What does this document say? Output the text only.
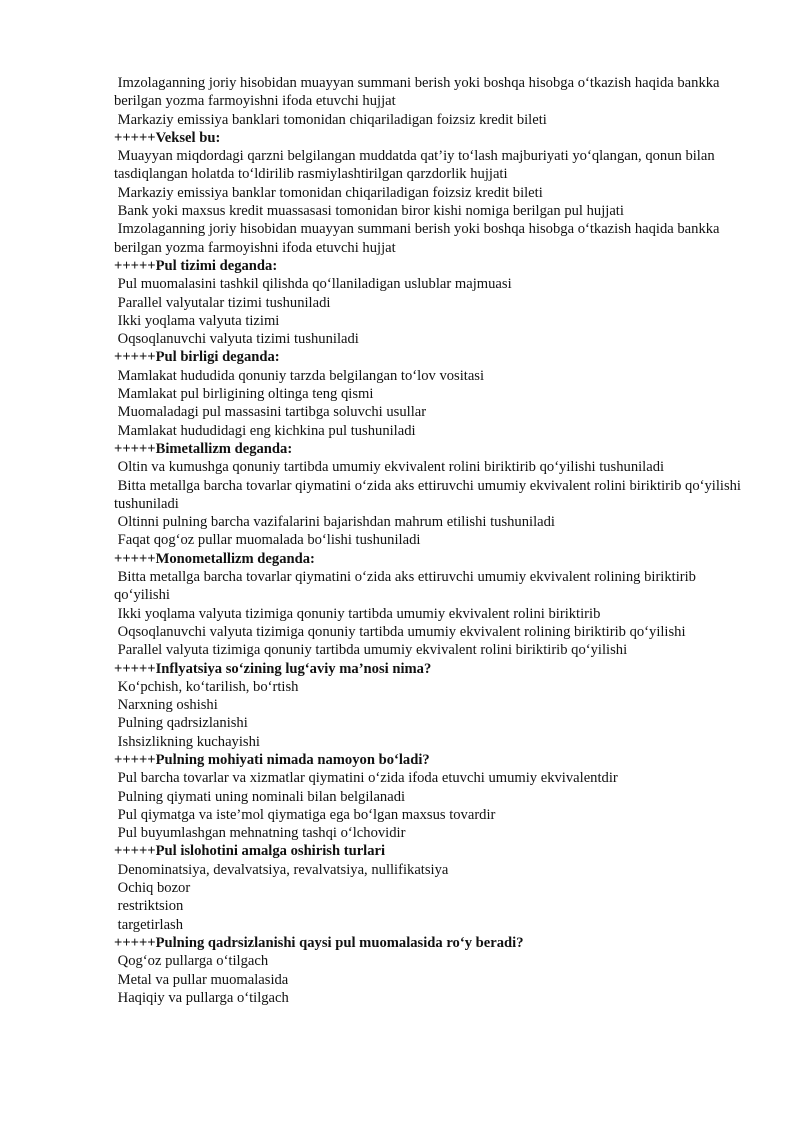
Imzolaganning joriy hisobidan muayyan summani berish yoki boshqa hisobga o‘tkazish haqida bankka berilgan yozma farmoyishni ifoda etuvchi hujjat

Markaziy emissiya banklari tomonidan chiqariladigan foizsiz kredit bileti

+++++Veksel bu:

Muayyan miqdordagi qarzni belgilangan muddatda qat’iy to‘lash majburiyati yo‘qlangan, qonun bilan tasdiqlangan holatda to‘ldirilib rasmiylashtirilgan qarzdorlik hujjati

Markaziy emissiya banklar tomonidan chiqariladigan foizsiz kredit bileti

Bank yoki maxsus kredit muassasasi tomonidan biror kishi nomiga berilgan pul hujjati

Imzolaganning joriy hisobidan muayyan summani berish yoki boshqa hisobga o‘tkazish haqida bankka berilgan yozma farmoyishni ifoda etuvchi hujjat

+++++Pul tizimi deganda:

Pul muomalasini tashkil qilishda qo‘llaniladigan uslublar majmuasi

Parallel valyutalar tizimi tushuniladi

Ikki yoqlama valyuta tizimi

Oqsoqlanuvchi valyuta tizimi tushuniladi

+++++Pul birligi deganda:

Mamlakat hududida qonuniy tarzda belgilangan to‘lov vositasi

Mamlakat pul birligining oltinga teng qismi

Muomaladagi pul massasini tartibga soluvchi usullar

Mamlakat hududidagi eng kichkina pul tushuniladi

+++++Bimetallizm deganda:

Oltin va kumushga qonuniy tartibda umumiy ekvivalent rolini biriktirib qo‘yilishi tushuniladi

Bitta metallga barcha tovarlar qiymatini o‘zida aks ettiruvchi umumiy ekvivalent rolini biriktirib qo‘yilishi tushuniladi

Oltinni pulning barcha vazifalarini bajarishdan mahrum etilishi tushuniladi

Faqat qog‘oz pullar muomalada bo‘lishi tushuniladi

+++++Monometallizm deganda:

Bitta metallga barcha tovarlar qiymatini o‘zida aks ettiruvchi umumiy ekvivalent rolining biriktirib qo‘yilishi

Ikki yoqlama valyuta tizimiga qonuniy tartibda umumiy ekvivalent rolini biriktirib

Oqsoqlanuvchi valyuta tizimiga qonuniy tartibda umumiy ekvivalent rolining biriktirib qo‘yilishi

Parallel valyuta tizimiga qonuniy tartibda umumiy ekvivalent rolini biriktirib qo‘yilishi

+++++Inflyatsiya so‘zining lug‘aviy ma’nosi nima?

Ko‘pchish, ko‘tarilish, bo‘rtish

Narxning oshishi

Pulning qadrsizlanishi

Ishsizlikning kuchayishi

+++++Pulning mohiyati nimada namoyon bo‘ladi?

Pul barcha tovarlar va xizmatlar qiymatini o‘zida ifoda etuvchi umumiy ekvivalentdir

Pulning qiymati uning nominali bilan belgilanadi

Pul qiymatga va iste’mol qiymatiga ega bo‘lgan maxsus tovardir

Pul buyumlashgan mehnatning tashqi o‘lchovidir

+++++Pul islohotini amalga oshirish turlari

Denominatsiya, devalvatsiya, revalvatsiya, nullifikatsiya

Ochiq bozor

restriktsion

targetirlash

+++++Pulning qadrsizlanishi qaysi pul muomalasida ro‘y beradi?

Qog‘oz pullarga o‘tilgach

Metal va pullar muomalasida

Haqiqiy va pullarga o‘tilgach
